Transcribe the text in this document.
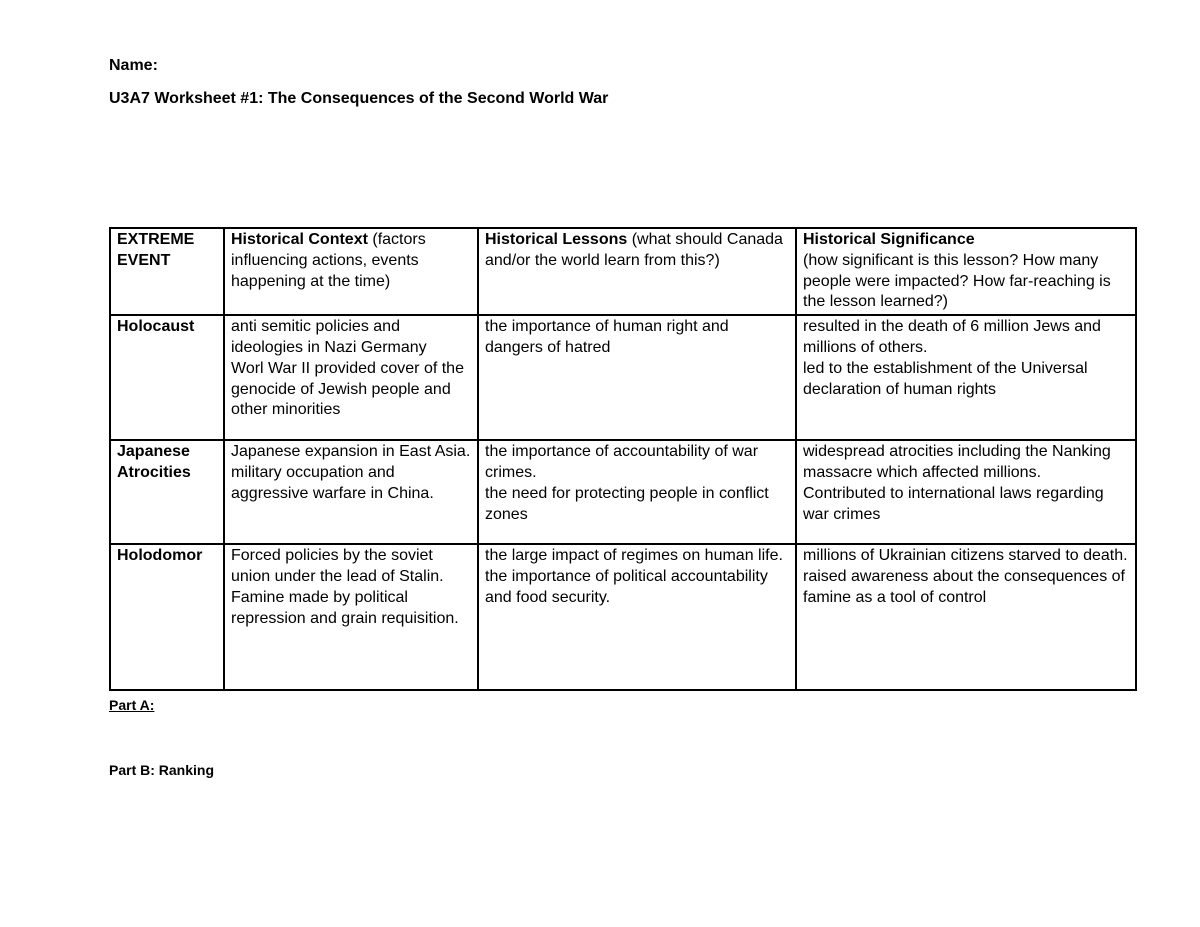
Name:
U3A7 Worksheet #1: The Consequences of the Second World War
EXTREME
EVENT	Historical Context (factors influencing actions, events happening at the time)	Historical Lessons (what should Canada and/or the world learn from this?)	Historical Significance
(how significant is this lesson? How many people were impacted? How far-reaching is the lesson learned?)

Holocaust	anti semitic policies and ideologies in Nazi Germany
Worl War II provided cover of the genocide of Jewish people and other minorities	the importance of human right and dangers of hatred	resulted in the death of 6 million Jews and millions of others.
led to the establishment of the Universal declaration of human rights

Japanese
Atrocities	Japanese expansion in East Asia.
military occupation and aggressive warfare in China.	the importance of accountability of war crimes.
the need for protecting people in conflict zones	widespread atrocities including the Nanking massacre which affected millions.
Contributed to international laws regarding war crimes

Holodomor	Forced policies by the soviet union under the lead of Stalin.
Famine made by political repression and grain requisition.	the large impact of regimes on human life.
the importance of political accountability and food security.	millions of Ukrainian citizens starved to death.
raised awareness about the consequences of famine as a tool of control
Part A:
Part B: Ranking
